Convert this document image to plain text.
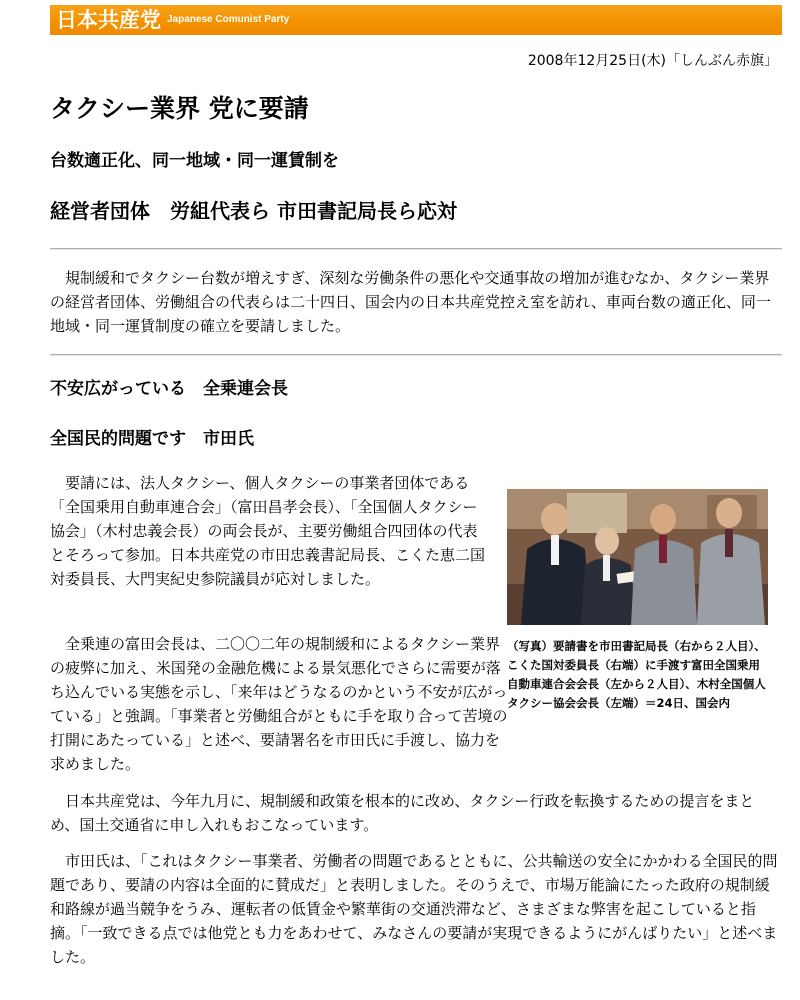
日本共産党 Japanese Comunist Party
2008年12月25日(木)「しんぶん赤旗」
タクシー業界 党に要請
台数適正化、同一地域・同一運賃制を
経営者団体　労組代表ら 市田書記局長ら応対

規制緩和でタクシー台数が増えすぎ、深刻な労働条件の悪化や交通事故の増加が進むなか、タクシー業界の経営者団体、労働組合の代表らは二十四日、国会内の日本共産党控え室を訪れ、車両台数の適正化、同一地域・同一運賃制度の確立を要請しました。

不安広がっている　全乗連会長
全国民的問題です　市田氏

要請には、法人タクシー、個人タクシーの事業者団体である「全国乗用自動車連合会」（富田昌孝会長）、「全国個人タクシー協会」（木村忠義会長）の両会長が、主要労働組合四団体の代表とそろって参加。日本共産党の市田忠義書記局長、こくた恵二国対委員長、大門実紀史参院議員が応対しました。

（写真）要請書を市田書記局長（右から２人目）、こくた国対委員長（右端）に手渡す富田全国乗用自動車連合会会長（左から２人目）、木村全国個人タクシー協会会長（左端）＝24日、国会内

全乗連の富田会長は、二〇〇二年の規制緩和によるタクシー業界の疲弊に加え、米国発の金融危機による景気悪化でさらに需要が落ち込んでいる実態を示し、「来年はどうなるのかという不安が広がっている」と強調。「事業者と労働組合がともに手を取り合って苦境の打開にあたっている」と述べ、要請署名を市田氏に手渡し、協力を求めました。

日本共産党は、今年九月に、規制緩和政策を根本的に改め、タクシー行政を転換するための提言をまとめ、国土交通省に申し入れもおこなっています。

市田氏は、「これはタクシー事業者、労働者の問題であるとともに、公共輸送の安全にかかわる全国民的問題であり、要請の内容は全面的に賛成だ」と表明しました。そのうえで、市場万能論にたった政府の規制緩和路線が過当競争をうみ、運転者の低賃金や繁華街の交通渋滞など、さまざまな弊害を起こしていると指摘。「一致できる点では他党とも力をあわせて、みなさんの要請が実現できるようにがんばりたい」と述べました。
